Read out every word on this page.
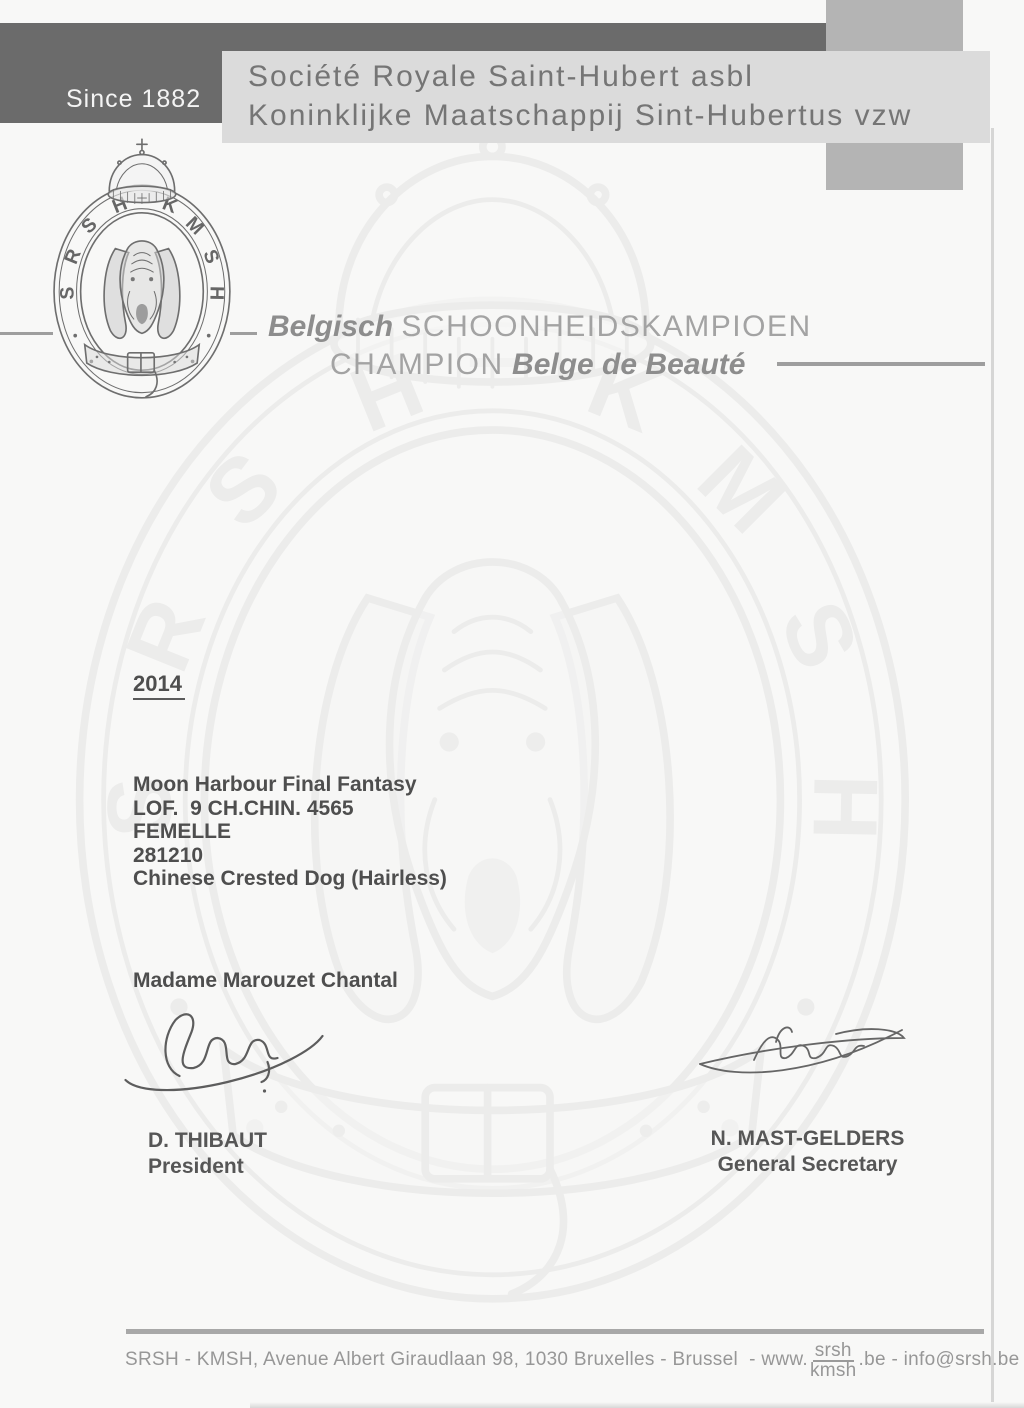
Since 1882
Société Royale Saint-Hubert asbl
Koninklijke Maatschappij Sint-Hubertus vzw
Belgisch SCHOONHEIDSKAMPIOEN
CHAMPION Belge de Beauté
2014
Moon Harbour Final Fantasy
LOF.  9 CH.CHIN. 4565
FEMELLE
281210
Chinese Crested Dog (Hairless)
Madame Marouzet Chantal
D. THIBAUT
President
N. MAST-GELDERS
General Secretary
SRSH - KMSH, Avenue Albert Giraudlaan 98, 1030 Bruxelles - Brussel - www. $\frac{\text{srsh}}{\text{kmsh}} .be$ - info@srsh.be
